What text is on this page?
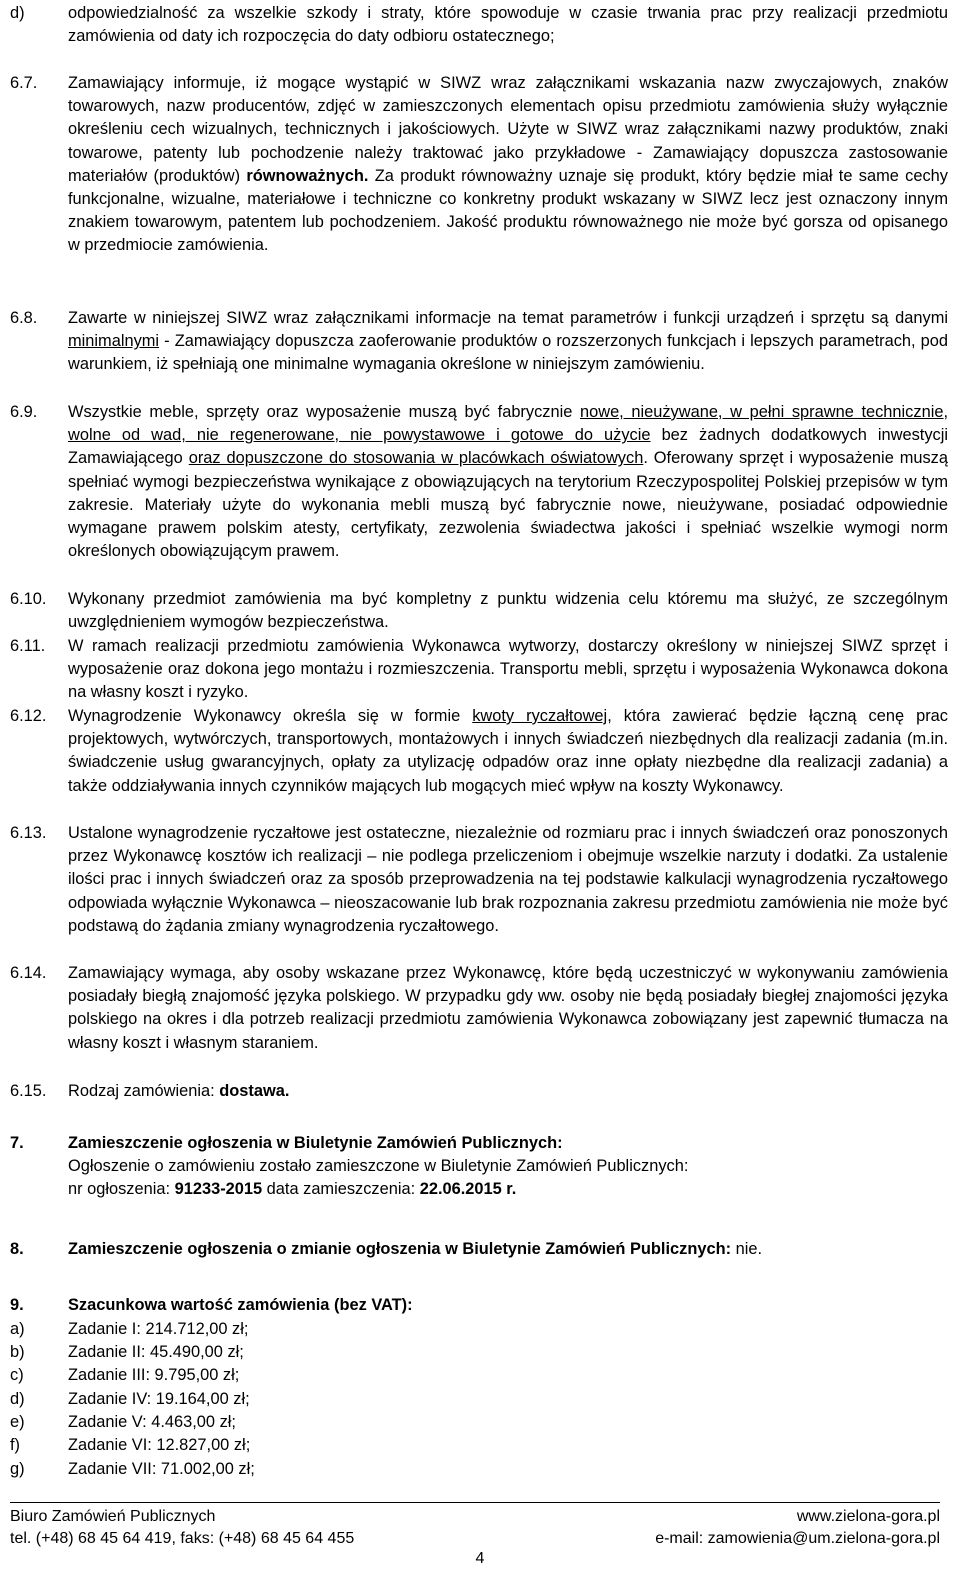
d)	odpowiedzialność za wszelkie szkody i straty, które spowoduje w czasie trwania prac przy realizacji przedmiotu zamówienia od daty ich rozpoczęcia do daty odbioru ostatecznego;
6.7. Zamawiający informuje, iż mogące wystąpić w SIWZ wraz załącznikami wskazania nazw zwyczajowych, znaków towarowych, nazw producentów, zdjęć w zamieszczonych elementach opisu przedmiotu zamówienia służy wyłącznie określeniu cech wizualnych, technicznych i jakościowych. Użyte w SIWZ wraz załącznikami nazwy produktów, znaki towarowe, patenty lub pochodzenie należy traktować jako przykładowe - Zamawiający dopuszcza zastosowanie materiałów (produktów) równoważnych. Za produkt równoważny uznaje się produkt, który będzie miał te same cechy funkcjonalne, wizualne, materiałowe i techniczne co konkretny produkt wskazany w SIWZ lecz jest oznaczony innym znakiem towarowym, patentem lub pochodzeniem. Jakość produktu równoważnego nie może być gorsza od opisanego w przedmiocie zamówienia.
6.8. Zawarte w niniejszej SIWZ wraz załącznikami informacje na temat parametrów i funkcji urządzeń i sprzętu są danymi minimalnymi - Zamawiający dopuszcza zaoferowanie produktów o rozszerzonych funkcjach i lepszych parametrach, pod warunkiem, iż spełniają one minimalne wymagania określone w niniejszym zamówieniu.
6.9. Wszystkie meble, sprzęty oraz wyposażenie muszą być fabrycznie nowe, nieużywane, w pełni sprawne technicznie, wolne od wad, nie regenerowane, nie powystawowe i gotowe do użycie bez żadnych dodatkowych inwestycji Zamawiającego oraz dopuszczone do stosowania w placówkach oświatowych. Oferowany sprzęt i wyposażenie muszą spełniać wymogi bezpieczeństwa wynikające z obowiązujących na terytorium Rzeczypospolitej Polskiej przepisów w tym zakresie. Materiały użyte do wykonania mebli muszą być fabrycznie nowe, nieużywane, posiadać odpowiednie wymagane prawem polskim atesty, certyfikaty, zezwolenia świadectwa jakości i spełniać wszelkie wymogi norm określonych obowiązującym prawem.
6.10. Wykonany przedmiot zamówienia ma być kompletny z punktu widzenia celu któremu ma służyć, ze szczególnym uwzględnieniem wymogów bezpieczeństwa.
6.11. W ramach realizacji przedmiotu zamówienia Wykonawca wytworzy, dostarczy określony w niniejszej SIWZ sprzęt i wyposażenie oraz dokona jego montażu i rozmieszczenia. Transportu mebli, sprzętu i wyposażenia Wykonawca dokona na własny koszt i ryzyko.
6.12. Wynagrodzenie Wykonawcy określa się w formie kwoty ryczałtowej, która zawierać będzie łączną cenę prac projektowych, wytwórczych, transportowych, montażowych i innych świadczeń niezbędnych dla realizacji zadania (m.in. świadczenie usług gwarancyjnych, opłaty za utylizację odpadów oraz inne opłaty niezbędne dla realizacji zadania) a także oddziaływania innych czynników mających lub mogących mieć wpływ na koszty Wykonawcy.
6.13. Ustalone wynagrodzenie ryczałtowe jest ostateczne, niezależnie od rozmiaru prac i innych świadczeń oraz ponoszonych przez Wykonawcę kosztów ich realizacji – nie podlega przeliczeniom i obejmuje wszelkie narzuty i dodatki. Za ustalenie ilości prac i innych świadczeń oraz za sposób przeprowadzenia na tej podstawie kalkulacji wynagrodzenia ryczałtowego odpowiada wyłącznie Wykonawca – nieoszacowanie lub brak rozpoznania zakresu przedmiotu zamówienia nie może być podstawą do żądania zmiany wynagrodzenia ryczałtowego.
6.14. Zamawiający wymaga, aby osoby wskazane przez Wykonawcę, które będą uczestniczyć w wykonywaniu zamówienia posiadały biegłą znajomość języka polskiego. W przypadku gdy ww. osoby nie będą posiadały biegłej znajomości języka polskiego na okres i dla potrzeb realizacji przedmiotu zamówienia Wykonawca zobowiązany jest zapewnić tłumacza na własny koszt i własnym staraniem.
6.15. Rodzaj zamówienia: dostawa.
7.	Zamieszczenie ogłoszenia w Biuletynie Zamówień Publicznych:
Ogłoszenie o zamówieniu zostało zamieszczone w Biuletynie Zamówień Publicznych:
nr ogłoszenia: 91233-2015 data zamieszczenia: 22.06.2015 r.
8.	Zamieszczenie ogłoszenia o zmianie ogłoszenia w Biuletynie Zamówień Publicznych: nie.
9.	Szacunkowa wartość zamówienia (bez VAT):
a)	Zadanie I: 214.712,00 zł;
b)	Zadanie II: 45.490,00 zł;
c)	Zadanie III: 9.795,00 zł;
d)	Zadanie IV: 19.164,00 zł;
e)	Zadanie V: 4.463,00 zł;
f)	Zadanie VI: 12.827,00 zł;
g)	Zadanie VII: 71.002,00 zł;
Biuro Zamówień Publicznych	www.zielona-gora.pl
tel. (+48) 68 45 64 419, faks: (+48) 68 45 64 455	e-mail: zamowienia@um.zielona-gora.pl
4
